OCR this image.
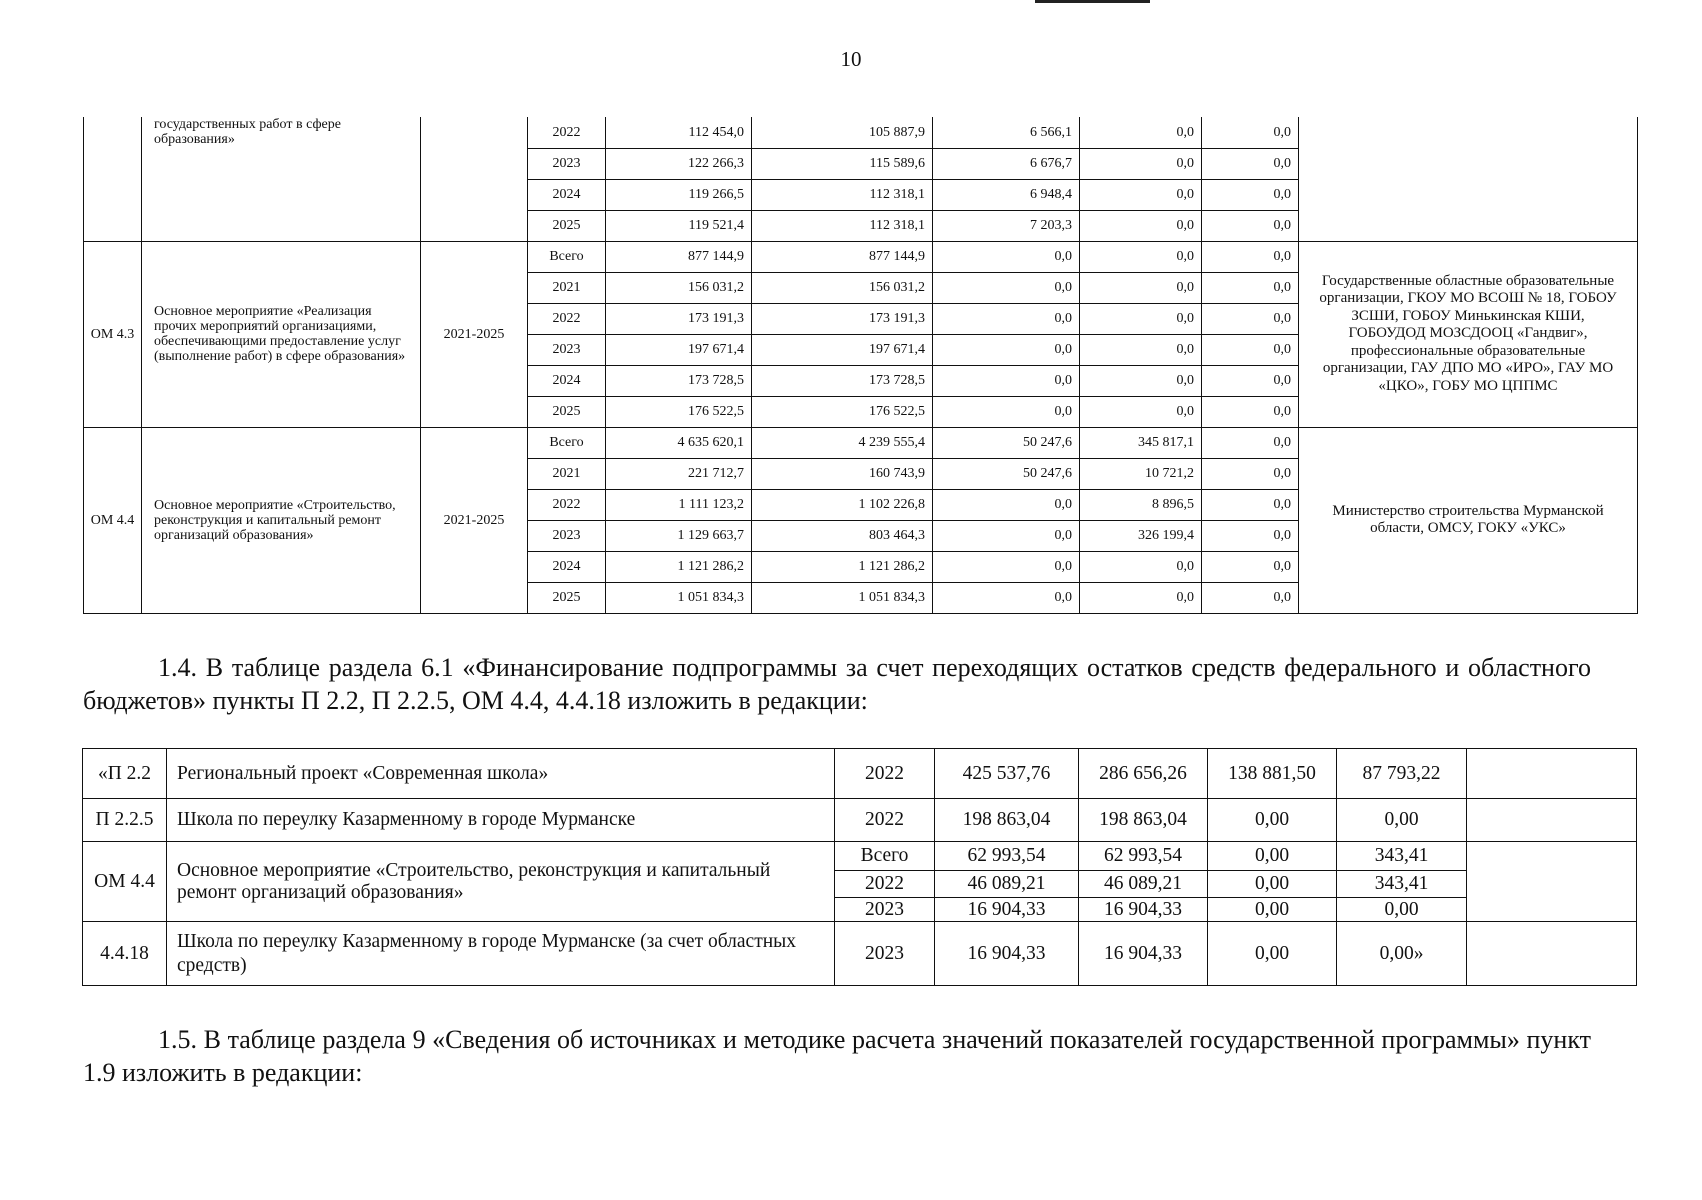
10
	государственных работ в сфере образования»		2022	112 454,0	105 887,9	6 566,1	0,0	0,0	
			2023	122 266,3	115 589,6	6 676,7	0,0	0,0	
			2024	119 266,5	112 318,1	6 948,4	0,0	0,0	
			2025	119 521,4	112 318,1	7 203,3	0,0	0,0	
ОМ 4.3	Основное мероприятие «Реализация прочих мероприятий организациями, обеспечивающими предоставление услуг (выполнение работ) в сфере образования»	2021-2025	Всего	877 144,9	877 144,9	0,0	0,0	0,0	Государственные областные образовательные организации, ГКОУ МО ВСОШ № 18, ГОБОУ ЗСШИ, ГОБОУ Минькинская КШИ, ГОБОУДОД МОЗСДООЦ «Гандвиг», профессиональные образовательные организации, ГАУ ДПО МО «ИРО», ГАУ МО «ЦКО», ГОБУ МО ЦППМС
			2021	156 031,2	156 031,2	0,0	0,0	0,0	
			2022	173 191,3	173 191,3	0,0	0,0	0,0	
			2023	197 671,4	197 671,4	0,0	0,0	0,0	
			2024	173 728,5	173 728,5	0,0	0,0	0,0	
			2025	176 522,5	176 522,5	0,0	0,0	0,0	
ОМ 4.4	Основное мероприятие «Строительство, реконструкция и капитальный ремонт организаций образования»	2021-2025	Всего	4 635 620,1	4 239 555,4	50 247,6	345 817,1	0,0	Министерство строительства Мурманской области, ОМСУ, ГОКУ «УКС»
			2021	221 712,7	160 743,9	50 247,6	10 721,2	0,0	
			2022	1 111 123,2	1 102 226,8	0,0	8 896,5	0,0	
			2023	1 129 663,7	803 464,3	0,0	326 199,4	0,0	
			2024	1 121 286,2	1 121 286,2	0,0	0,0	0,0	
			2025	1 051 834,3	1 051 834,3	0,0	0,0	0,0	

1.4. В таблице раздела 6.1 «Финансирование подпрограммы за счет переходящих остатков средств федерального и областного бюджетов» пункты П 2.2, П 2.2.5, ОМ 4.4, 4.4.18 изложить в редакции:

«П 2.2	Региональный проект «Современная школа»	2022	425 537,76	286 656,26	138 881,50	87 793,22	
П 2.2.5	Школа по переулку Казарменному в городе Мурманске	2022	198 863,04	198 863,04	0,00	0,00	
ОМ 4.4	Основное мероприятие «Строительство, реконструкция и капитальный ремонт организаций образования»	Всего	62 993,54	62 993,54	0,00	343,41	
		2022	46 089,21	46 089,21	0,00	343,41	
		2023	16 904,33	16 904,33	0,00	0,00	
4.4.18	Школа по переулку Казарменному в городе Мурманске (за счет областных средств)	2023	16 904,33	16 904,33	0,00	0,00»	

1.5. В таблице раздела 9 «Сведения об источниках и методике расчета значений показателей государственной программы» пункт 1.9 изложить в редакции:
